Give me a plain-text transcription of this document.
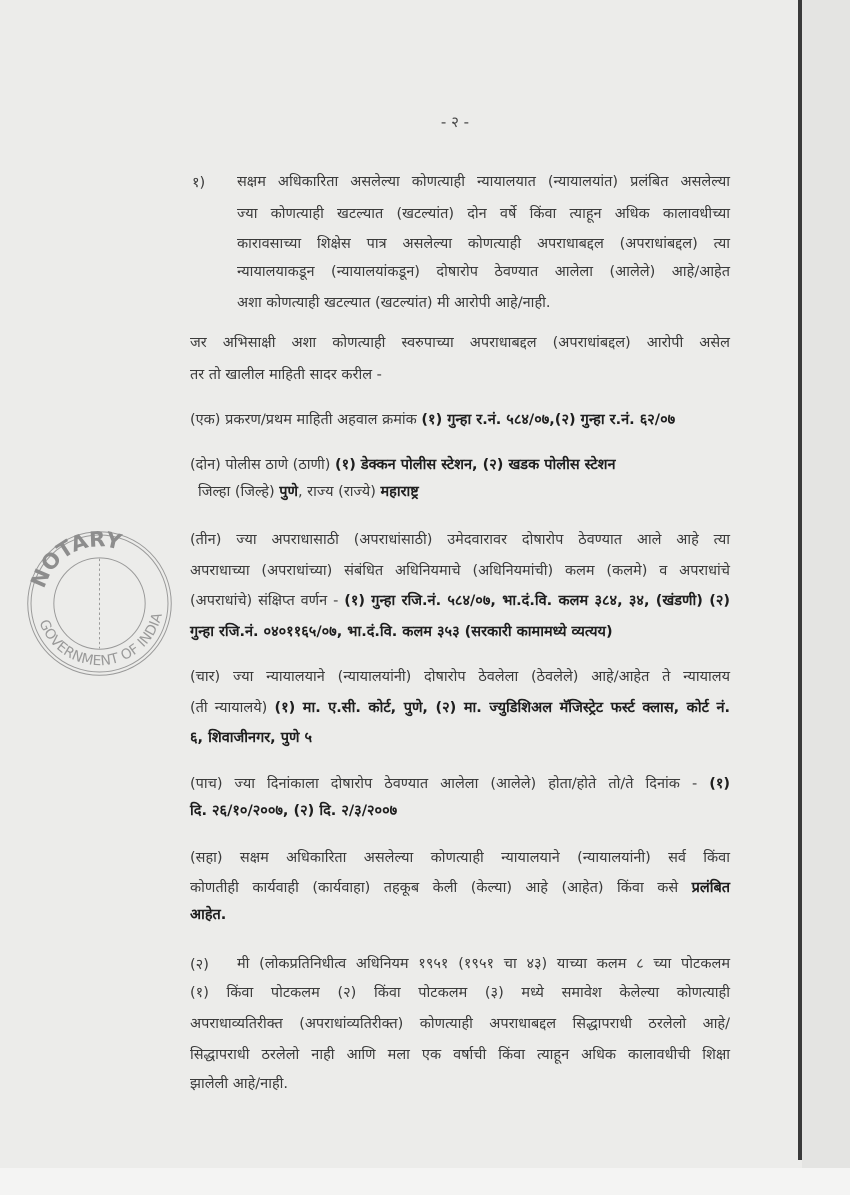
- २ -
१)
(२)
NOTARY
GOVERNMENT OF INDIA
सक्षम अधिकारिता असलेल्या कोणत्याही न्यायालयात (न्यायालयांत) प्रलंबित असलेल्या
ज्या कोणत्याही खटल्यात (खटल्यांत) दोन वर्षे किंवा त्याहून अधिक कालावधीच्या
कारावसाच्या शिक्षेस पात्र असलेल्या कोणत्याही अपराधाबद्दल (अपराधांबद्दल) त्या
न्यायालयाकडून (न्यायालयांकडून) दोषारोप ठेवण्यात आलेला (आलेले) आहे/आहेत
अशा कोणत्याही खटल्यात (खटल्यांत) मी आरोपी आहे/नाही.
जर अभिसाक्षी अशा कोणत्याही स्वरुपाच्या अपराधाबद्दल (अपराधांबद्दल) आरोपी असेल
तर तो खालील माहिती सादर करील -
(एक) प्रकरण/प्रथम माहिती अहवाल क्रमांक (१) गुन्हा र.नं. ५८४/०७,(२) गुन्हा र.नं. ६२/०७
(दोन) पोलीस ठाणे (ठाणी) (१) डेक्कन पोलीस स्टेशन, (२) खडक पोलीस स्टेशन
जिल्हा (जिल्हे) पुणे, राज्य (राज्ये) महाराष्ट्र
(तीन) ज्या अपराधासाठी (अपराधांसाठी) उमेदवारावर दोषारोप ठेवण्यात आले आहे त्या
अपराधाच्या (अपराधांच्या) संबंधित अधिनियमाचे (अधिनियमांची) कलम (कलमे) व अपराधांचे
(अपराधांचे) संक्षिप्त वर्णन - (१) गुन्हा रजि.नं. ५८४/०७, भा.दं.वि. कलम ३८४, ३४, (खंडणी) (२)
गुन्हा रजि.नं. ०४०११६५/०७, भा.दं.वि. कलम ३५३ (सरकारी कामामध्ये व्यत्यय)
(चार) ज्या न्यायालयाने (न्यायालयांनी) दोषारोप ठेवलेला (ठेवलेले) आहे/आहेत ते न्यायालय
(ती न्यायालये) (१) मा. ए.सी. कोर्ट, पुणे, (२) मा. ज्युडिशिअल मॅजिस्ट्रेट फर्स्ट क्लास, कोर्ट नं.
६, शिवाजीनगर, पुणे ५
(पाच) ज्या दिनांकाला दोषारोप ठेवण्यात आलेला (आलेले) होता/होते तो/ते दिनांक - (१)
दि. २६/१०/२००७, (२) दि. २/३/२००७
(सहा) सक्षम अधिकारिता असलेल्या कोणत्याही न्यायालयाने (न्यायालयांनी) सर्व किंवा
कोणतीही कार्यवाही (कार्यवाहा) तहकूब केली (केल्या) आहे (आहेत) किंवा कसे प्रलंबित
आहेत.
मी (लोकप्रतिनिधीत्व अधिनियम १९५१ (१९५१ चा ४३) याच्या कलम ८ च्या पोटकलम
(१) किंवा पोटकलम (२) किंवा पोटकलम (३) मध्ये समावेश केलेल्या कोणत्याही
अपराधाव्यतिरीक्त (अपराधांव्यतिरीक्त) कोणत्याही अपराधाबद्दल सिद्धापराधी ठरलेलो आहे/
सिद्धापराधी ठरलेलो नाही आणि मला एक वर्षाची किंवा त्याहून अधिक कालावधीची शिक्षा
झालेली आहे/नाही.
